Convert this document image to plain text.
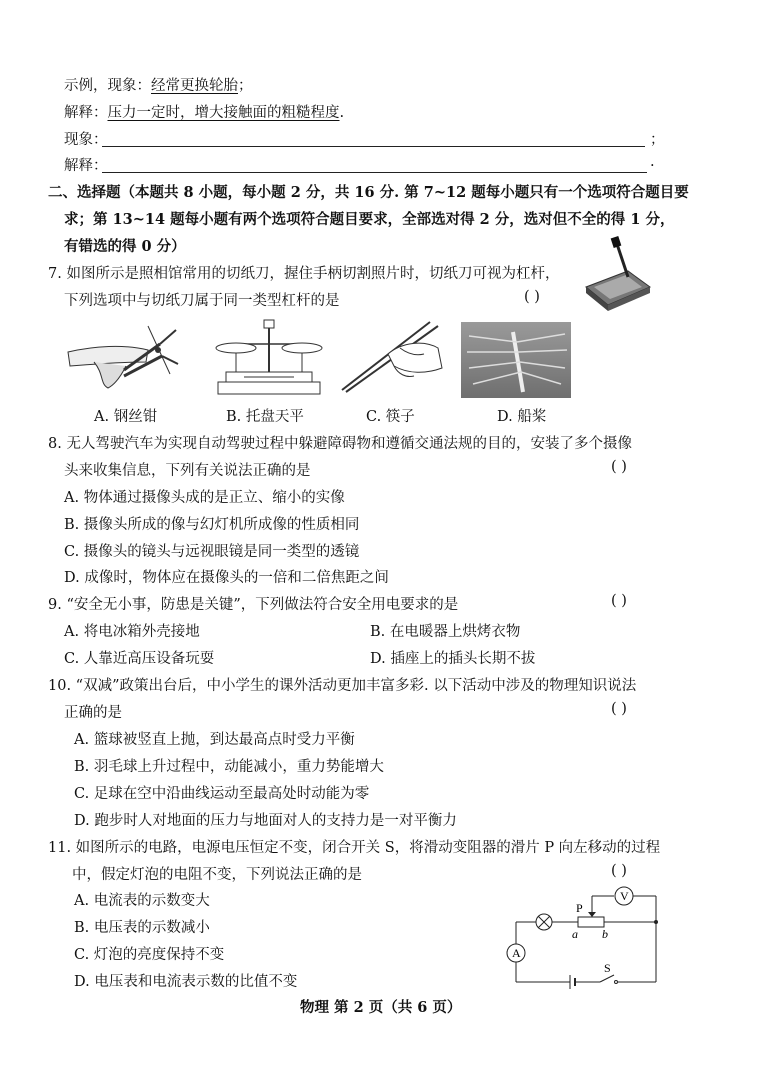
示例，现象：经常更换轮胎；
解释：压力一定时，增大接触面的粗糙程度.
现象：	；
解释：	.
二、选择题（本题共 8 小题，每小题 2 分，共 16 分. 第 7~12 题每小题只有一个选项符合题目要
求；第 13~14 题每小题有两个选项符合题目要求，全部选对得 2 分，选对但不全的得 1 分，
有错选的得 0 分）
7. 如图所示是照相馆常用的切纸刀，握住手柄切割照片时，切纸刀可视为杠杆，
下列选项中与切纸刀属于同一类型杠杆的是	( )
A. 钢丝钳	B. 托盘天平	C. 筷子	D. 船桨
8. 无人驾驶汽车为实现自动驾驶过程中躲避障碍物和遵循交通法规的目的，安装了多个摄像
头来收集信息，下列有关说法正确的是	( )
A. 物体通过摄像头成的是正立、缩小的实像
B. 摄像头所成的像与幻灯机所成像的性质相同
C. 摄像头的镜头与远视眼镜是同一类型的透镜
D. 成像时，物体应在摄像头的一倍和二倍焦距之间
9. “安全无小事，防患是关键”，下列做法符合安全用电要求的是	( )
A. 将电冰箱外壳接地	B. 在电暖器上烘烤衣物
C. 人靠近高压设备玩耍	D. 插座上的插头长期不拔
10. “双减”政策出台后，中小学生的课外活动更加丰富多彩. 以下活动中涉及的物理知识说法
正确的是	( )
A. 篮球被竖直上抛，到达最高点时受力平衡
B. 羽毛球上升过程中，动能减小，重力势能增大
C. 足球在空中沿曲线运动至最高处时动能为零
D. 跑步时人对地面的压力与地面对人的支持力是一对平衡力
11. 如图所示的电路，电源电压恒定不变，闭合开关 S，将滑动变阻器的滑片 P 向左移动的过程
中，假定灯泡的电阻不变，下列说法正确的是	( )
A. 电流表的示数变大
B. 电压表的示数减小
C. 灯泡的亮度保持不变
D. 电压表和电流表示数的比值不变
V
P
a b
A
S
物理 第 2 页（共 6 页）
